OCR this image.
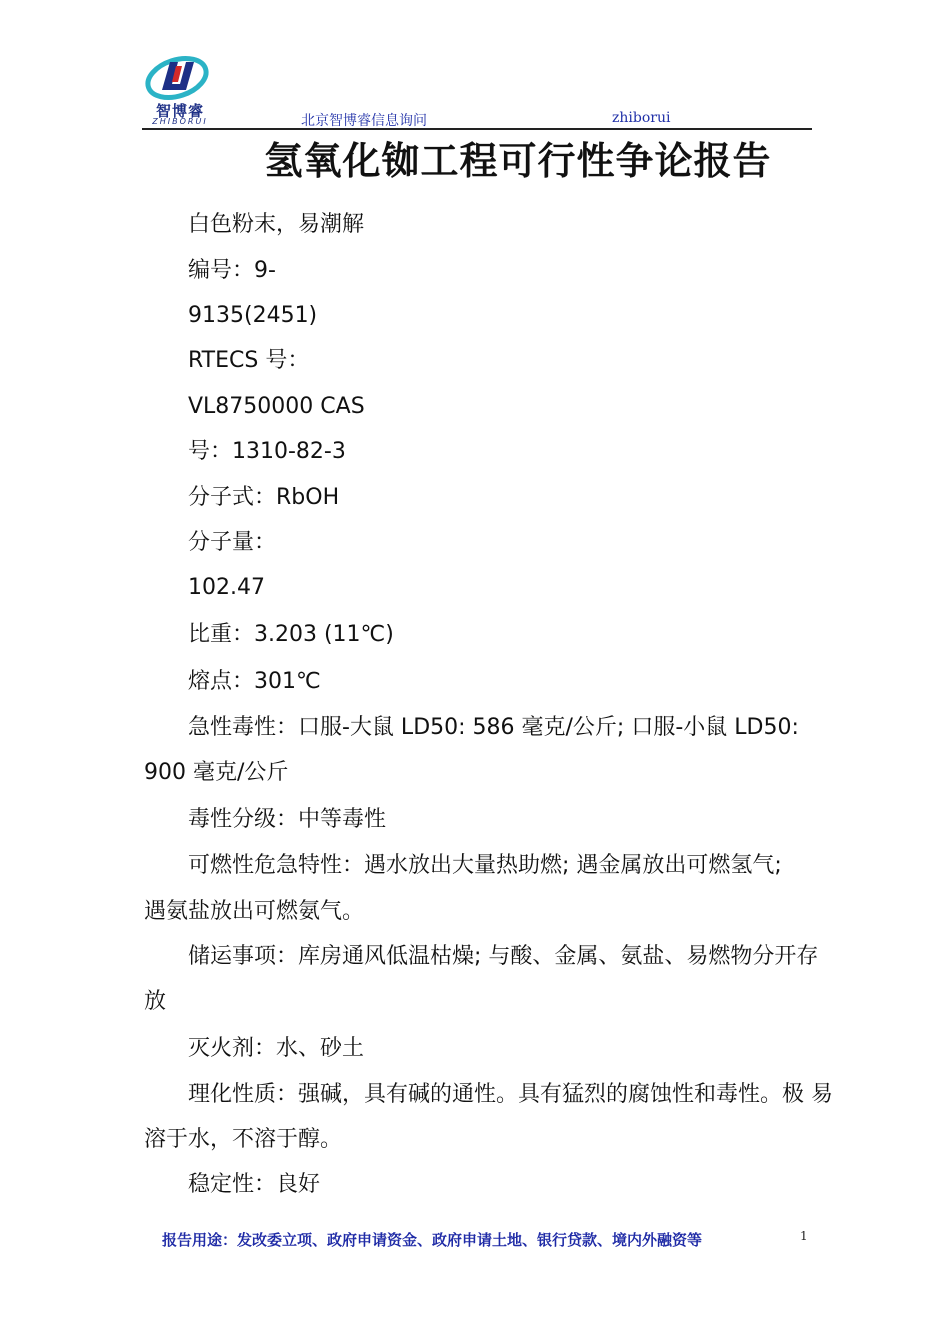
智博睿
ZHIBORUI	北京智博睿信息询问	zhiborui
氢氧化铷工程可行性争论报告
白色粉末，易潮解
编号：9-
9135(2451)
RTECS 号：
VL8750000 CAS
号：1310-82-3
分子式：RbOH
分子量：
102.47
比重：3.203 (11℃)
熔点：301℃
急性毒性：口服-大鼠 LD50: 586 毫克/公斤; 口服-小鼠 LD50:
900 毫克/公斤
毒性分级：中等毒性
可燃性危急特性：遇水放出大量热助燃; 遇金属放出可燃氢气;
遇氨盐放出可燃氨气。
储运事项：库房通风低温枯燥; 与酸、金属、氨盐、易燃物分开存
放
灭火剂：水、砂土
理化性质：强碱，具有碱的通性。具有猛烈的腐蚀性和毒性。极 易
溶于水，不溶于醇。
稳定性：良好
报告用途：发改委立项、政府申请资金、政府申请土地、银行贷款、境内外融资等	1
